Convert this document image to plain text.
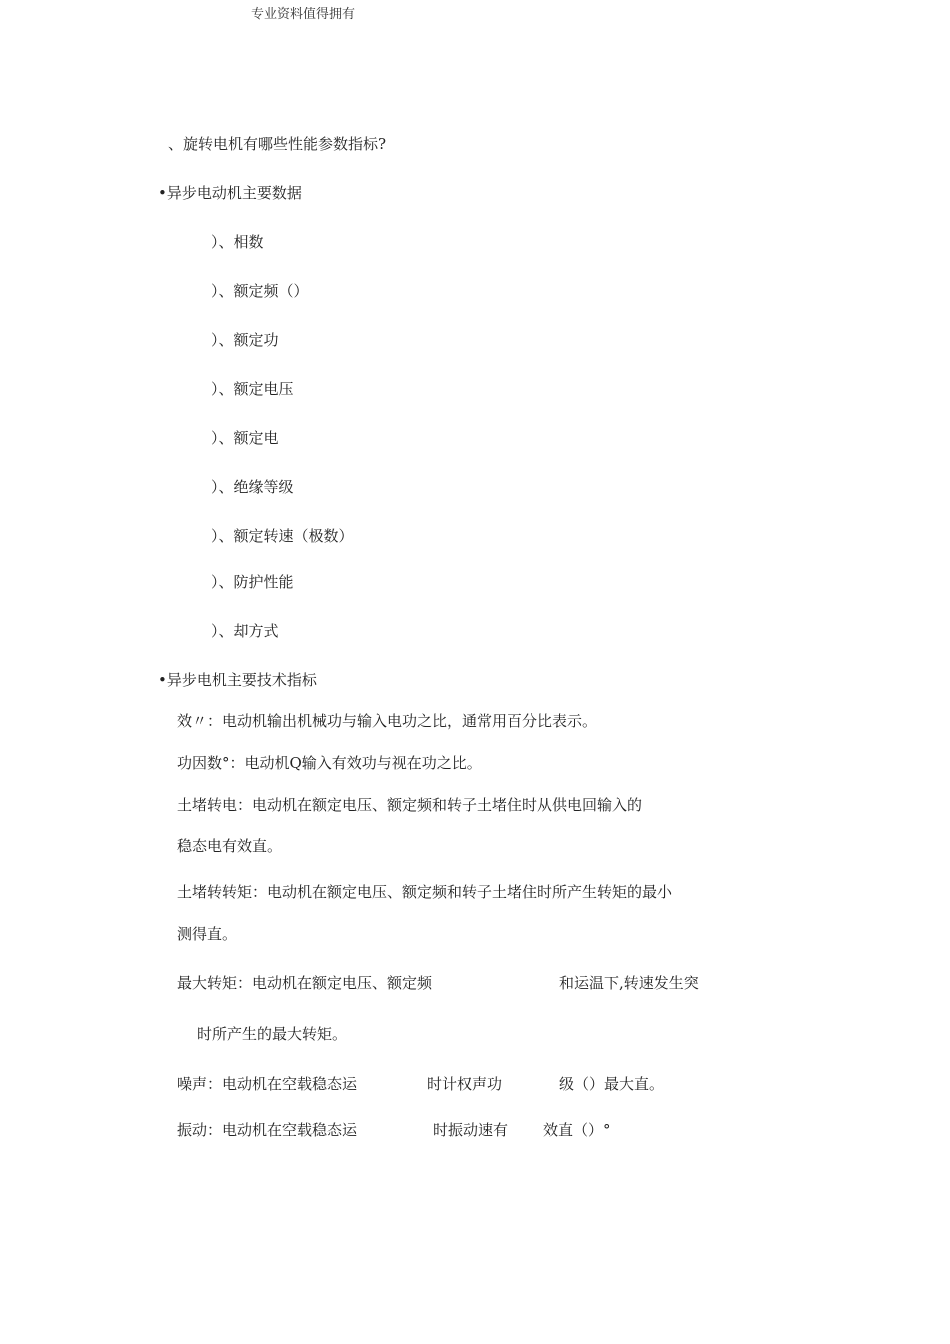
专业资料值得拥有
、旋转电机有哪些性能参数指标?
•异步电动机主要数据
）、相数
）、额定频（）
）、额定功
）、额定电压
）、额定电
）、绝缘等级
）、额定转速（极数）
）、防护性能
）、却方式
•异步电机主要技术指标
效〃：电动机输出机械功与输入电功之比，通常用百分比表示。
功因数°：电动机Q输入有效功与视在功之比。
土堵转电：电动机在额定电压、额定频和转子土堵住时从供电回输入的
稳态电有效直。
土堵转转矩：电动机在额定电压、额定频和转子土堵住时所产生转矩的最小
测得直。
最大转矩：电动机在额定电压、额定频	和运温下,转速发生突
时所产生的最大转矩。
噪声：电动机在空载稳态运	时计权声功	级（）最大直。
振动：电动机在空载稳态运	时振动速有 效直（）°
